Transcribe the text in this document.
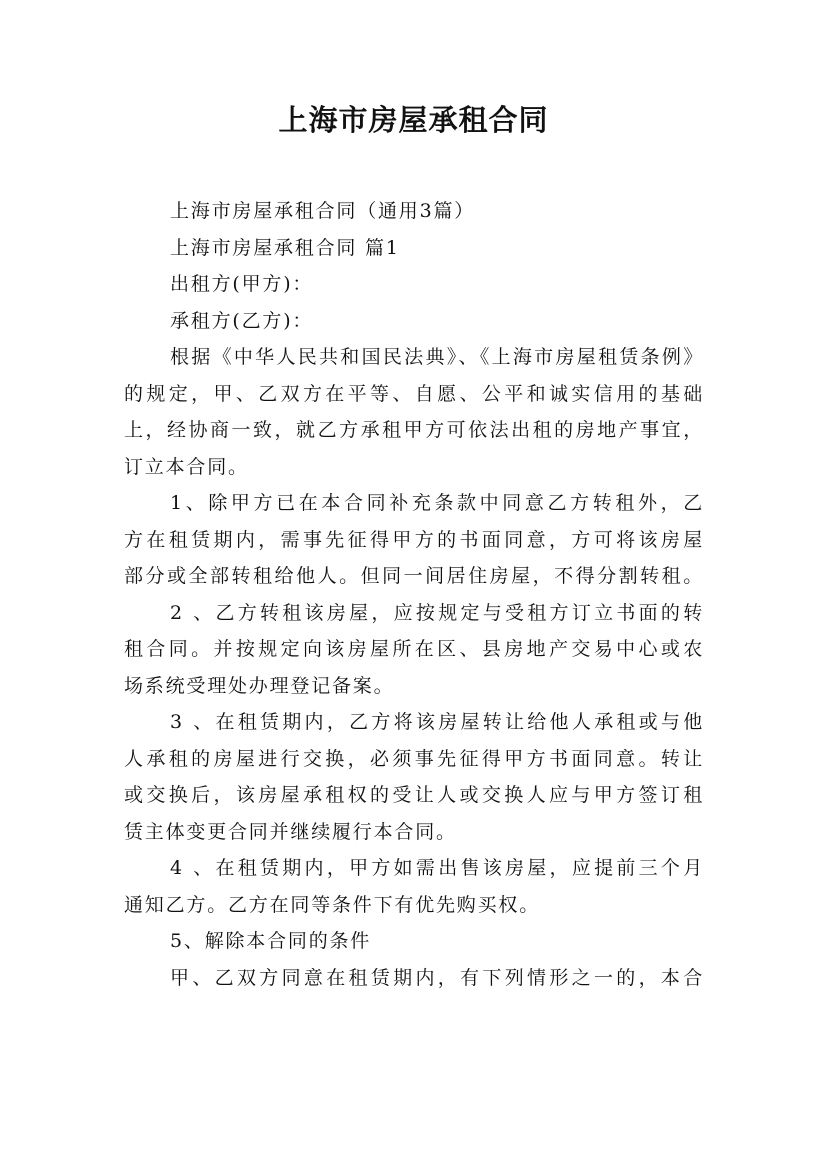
上海市房屋承租合同
上海市房屋承租合同（通用3篇）
上海市房屋承租合同 篇1
出租方(甲方)：
承租方(乙方)：
根据《中华人民共和国民法典》、《上海市房屋租赁条例》
的规定，甲、乙双方在平等、自愿、公平和诚实信用的基础
上，经协商一致，就乙方承租甲方可依法出租的房地产事宜，
订立本合同。
1、除甲方已在本合同补充条款中同意乙方转租外，乙
方在租赁期内，需事先征得甲方的书面同意，方可将该房屋
部分或全部转租给他人。但同一间居住房屋，不得分割转租。
2 、乙方转租该房屋，应按规定与受租方订立书面的转
租合同。并按规定向该房屋所在区、县房地产交易中心或农
场系统受理处办理登记备案。
3 、在租赁期内，乙方将该房屋转让给他人承租或与他
人承租的房屋进行交换，必须事先征得甲方书面同意。转让
或交换后，该房屋承租权的受让人或交换人应与甲方签订租
赁主体变更合同并继续履行本合同。
4 、在租赁期内，甲方如需出售该房屋，应提前三个月
通知乙方。乙方在同等条件下有优先购买权。
5、解除本合同的条件
甲、乙双方同意在租赁期内，有下列情形之一的，本合
